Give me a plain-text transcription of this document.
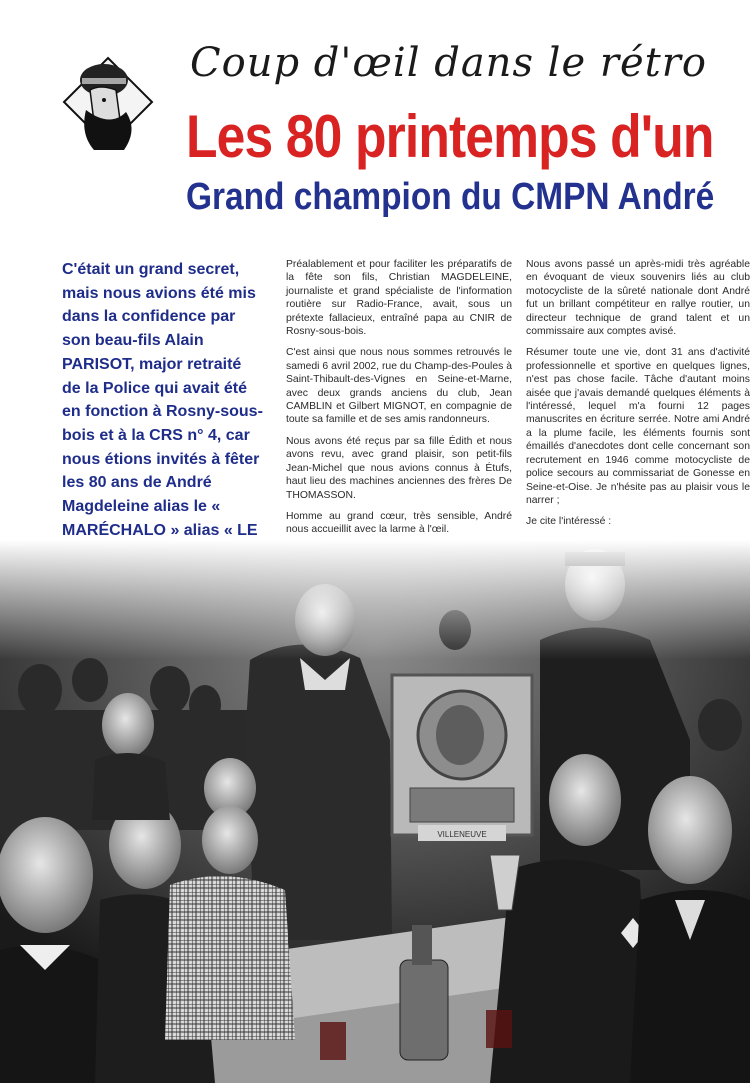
Coup d'œil dans le rétro
Les 80 printemps d'un
Grand champion du CMPN André
C'était un grand secret, mais nous avions été mis dans la confidence par son beau-fils Alain PARISOT, major retraité de la Police qui avait été en fonction à Rosny-sous-bois et à la CRS n° 4, car nous étions invités à fêter les 80 ans de André Magdeleine alias le « MARÉCHALO » alias « LE

Préalablement et pour faciliter les préparatifs de la fête son fils, Christian MAGDELEINE, journaliste et grand spécialiste de l'information routière sur Radio-France, avait, sous un prétexte fallacieux, entraîné papa au CNIR de Rosny-sous-bois.

C'est ainsi que nous nous sommes retrouvés le samedi 6 avril 2002, rue du Champ-des-Poules à Saint-Thibault-des-Vignes en Seine-et-Marne, avec deux grands anciens du club, Jean CAMBLIN et Gilbert MIGNOT, en compagnie de toute sa famille et de ses amis randonneurs.

Nous avons été reçus par sa fille Édith et nous avons revu, avec grand plaisir, son petit-fils Jean-Michel que nous avions connus à Étufs, haut lieu des machines anciennes des frères De THOMASSON.

Homme au grand cœur, très sensible, André nous accueillit avec la larme à l'œil.

Nous avons passé un après-midi très agréable en évoquant de vieux souvenirs liés au club motocycliste de la sûreté nationale dont André fut un brillant compétiteur en rallye routier, un directeur technique de grand talent et un commissaire aux comptes avisé.

Résumer toute une vie, dont 31 ans d'activité professionnelle et sportive en quelques lignes, n'est pas chose facile. Tâche d'autant moins aisée que j'avais demandé quelques éléments à l'intéressé, lequel m'a fourni 12 pages manuscrites en écriture serrée. Notre ami André a la plume facile, les éléments fournis sont émaillés d'anecdotes dont celle concernant son recrutement en 1946 comme motocycliste de police secours au commissariat de Gonesse en Seine-et-Oise. Je n'hésite pas au plaisir vous le narrer ;

Je cite l'intéressé :
